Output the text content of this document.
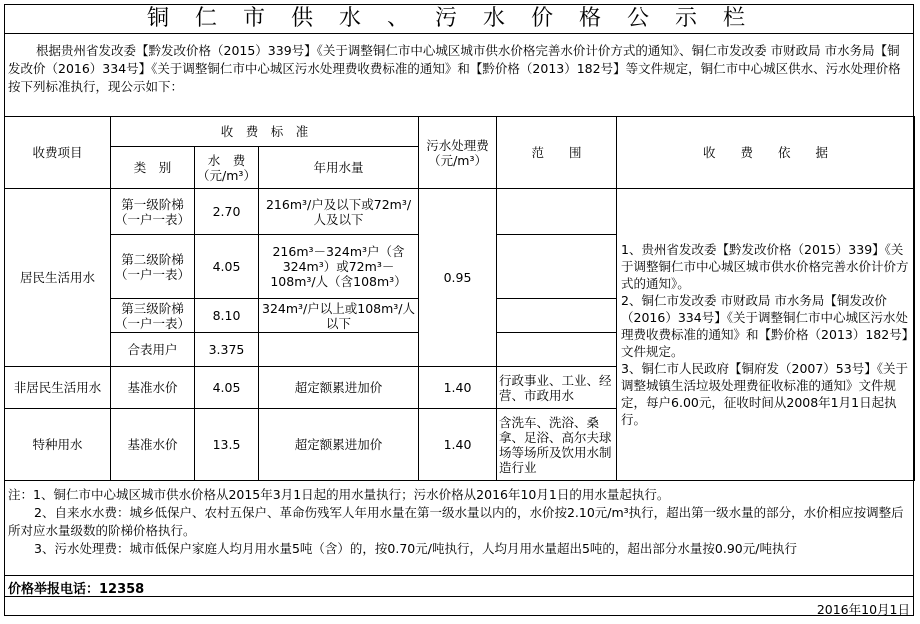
铜仁市供水、污水价格公示栏
根据贵州省发改委【黔发改价格（2015）339号】《关于调整铜仁市中心城区城市供水价格完善水价计价方式的通知》、铜仁市发改委 市财政局 市水务局【铜发改价（2016）334号】《关于调整铜仁市中心城区污水处理费收费标准的通知》和【黔价格（2013）182号】等文件规定，铜仁市中心城区供水、污水处理价格按下列标准执行，现公示如下：
收费项目	收　费　标　准			污水处理费（元/m³）	范　　围	收　　费　　依　　据
	类　别	水　费（元/m³）	年用水量			
居民生活用水	第一级阶梯（一户一表）	2.70	216m³/户及以下或72m³/人及以下	0.95		1、贵州省发改委【黔发改价格（2015）339】《关于调整铜仁市中心城区城市供水价格完善水价计价方式的通知》。
2、铜仁市发改委 市财政局 市水务局【铜发改价（2016）334号】《关于调整铜仁市中心城区污水处理费收费标准的通知》和【黔价格（2013）182号】文件规定。
3、铜仁市人民政府【铜府发（2007）53号】《关于调整城镇生活垃圾处理费征收标准的通知》文件规定，每户6.00元，征收时间从2008年1月1日起执行。

	第二级阶梯（一户一表）	4.05	216m³－324m³户（含324m³）或72m³－108m³/人（含108m³）			
	第三级阶梯（一户一表）	8.10	324m³/户以上或108m³/人以下			
	合表用户	3.375				
非居民生活用水	基准水价	4.05	超定额累进加价	1.40	行政事业、工业、经营、市政用水	
特种用水	基准水价	13.5	超定额累进加价	1.40	含洗车、洗浴、桑拿、足浴、高尔夫球场等场所及饮用水制造行业	
注：1、铜仁市中心城区城市供水价格从2015年3月1日起的用水量执行；污水价格从2016年10月1日的用水量起执行。
2、自来水水费：城乡低保户、农村五保户、革命伤残军人年用水量在第一级水量以内的，水价按2.10元/m³执行，超出第一级水量的部分，水价相应按调整后所对应水量级数的阶梯价格执行。
3、污水处理费：城市低保户家庭人均月用水量5吨（含）的，按0.70元/吨执行，人均月用水量超出5吨的，超出部分水量按0.90元/吨执行
价格举报电话：12358
2016年10月1日
